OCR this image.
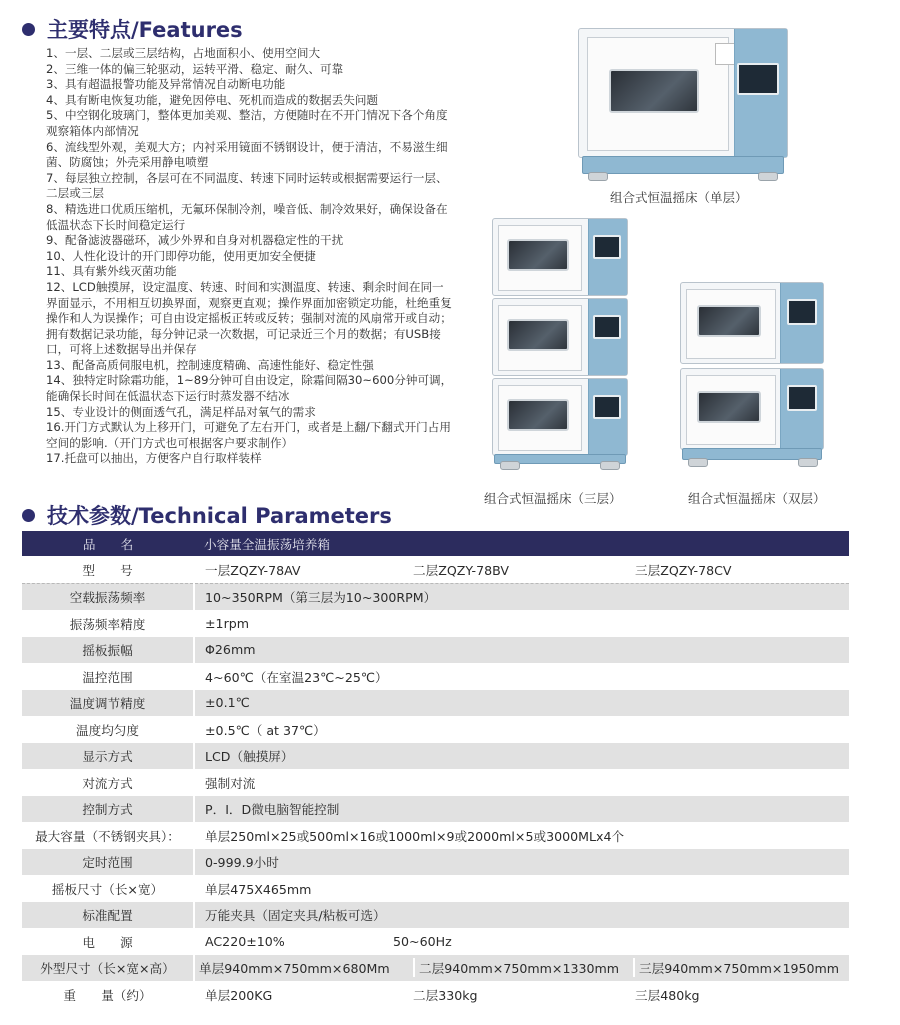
主要特点/Features
1、一层、二层或三层结构，占地面积小、使用空间大
2、三维一体的偏三轮驱动，运转平滑、稳定、耐久、可靠
3、具有超温报警功能及异常情况自动断电功能
4、具有断电恢复功能，避免因停电、死机而造成的数据丢失问题
5、中空钢化玻璃门，整体更加美观、整洁，方便随时在不开门情况下各个角度观察箱体内部情况
6、流线型外观，美观大方；内衬采用镜面不锈钢设计，便于清洁，不易滋生细菌、防腐蚀；外壳采用静电喷塑
7、每层独立控制，各层可在不同温度、转速下同时运转或根据需要运行一层、二层或三层
8、精选进口优质压缩机，无氟环保制冷剂，噪音低、制冷效果好，确保设备在低温状态下长时间稳定运行
9、配备滤波器磁环，减少外界和自身对机器稳定性的干扰
10、人性化设计的开门即停功能，使用更加安全便捷
11、具有紫外线灭菌功能
12、LCD触摸屏，设定温度、转速、时间和实测温度、转速、剩余时间在同一界面显示，不用相互切换界面，观察更直观；操作界面加密锁定功能，杜绝重复操作和人为误操作；可自由设定摇板正转或反转；强制对流的风扇常开或自动；拥有数据记录功能，每分钟记录一次数据，可记录近三个月的数据；有USB接口，可将上述数据导出并保存
13、配备高质伺服电机，控制速度精确、高速性能好、稳定性强
14、独特定时除霜功能，1~89分钟可自由设定，除霜间隔30~600分钟可调，能确保长时间在低温状态下运行时蒸发器不结冰
15、专业设计的侧面透气孔，满足样品对氧气的需求
16.开门方式默认为上移开门，可避免了左右开门，或者是上翻/下翻式开门占用空间的影响.（开门方式也可根据客户要求制作）
17.托盘可以抽出，方便客户自行取样装样
组合式恒温摇床（单层）
组合式恒温摇床（三层）	组合式恒温摇床（双层）
技术参数/Technical Parameters
品　　名	小容量全温振荡培养箱
型　　号	一层ZQZY-78AV 二层ZQZY-78BV 三层ZQZY-78CV

空载振荡频率	10~350RPM（第三层为10~300RPM）
振荡频率精度	±1rpm
摇板振幅	Φ26mm
温控范围	4~60℃（在室温23℃~25℃）
温度调节精度	±0.1℃
温度均匀度	±0.5℃（ at 37℃）
显示方式	LCD（触摸屏）
对流方式	强制对流
控制方式	P．I．D微电脑智能控制
最大容量（不锈钢夹具）：	单层250ml×25或500ml×16或1000ml×9或2000ml×5或3000MLx4个
定时范围	0-999.9小时
摇板尺寸（长×宽）	单层475X465mm
标准配置	万能夹具（固定夹具/粘板可选）
电　　源	AC220±10% 50~60Hz

外型尺寸（长×宽×高）	单层940mm×750mm×680Mm 二层940mm×750mm×1330mm 三层940mm×750mm×1950mm

重　　量（约）	单层200KG 二层330kg 三层480kg
